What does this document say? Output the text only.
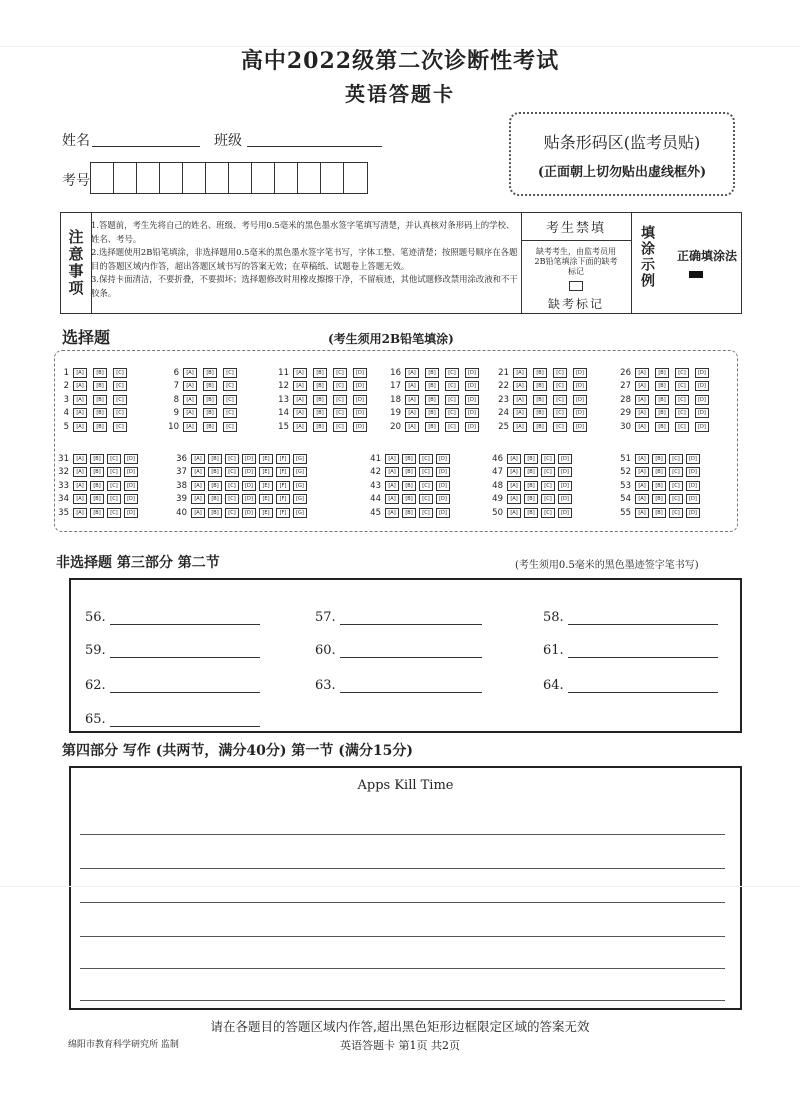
高中2022级第二次诊断性考试
英语答题卡
姓名	班级
考号
贴条形码区(监考员贴)
(正面朝上切勿贴出虚线框外)
注意事项

1.答题前，考生先将自己的姓名、班级、考号用0.5毫米的黑色墨水签字笔填写清楚，并认真核对条形码上的学校、姓名、考号。

2.选择题使用2B铅笔填涂，非选择题用0.5毫米的黑色墨水签字笔书写，字体工整、笔迹清楚；按照题号顺序在各题目的答题区域内作答，超出答题区域书写的答案无效；在草稿纸、试题卷上答题无效。

3.保持卡面清洁，不要折叠，不要损坏；选择题修改时用橡皮擦擦干净，不留痕迹，其他试题修改禁用涂改液和不干胶条。

考生禁填
缺考考生，由监考员用2B铅笔填涂下面的缺考标记
缺考标记
填涂示例 正确填涂法
选择题	(考生须用2B铅笔填涂)
1	[A]	[B]	[C]
2	[A]	[B]	[C]
3	[A]	[B]	[C]
4	[A]	[B]	[C]
5	[A]	[B]	[C]
6	[A]	[B]	[C]
7	[A]	[B]	[C]
8	[A]	[B]	[C]
9	[A]	[B]	[C]
10	[A]	[B]	[C]
11	[A]	[B]	[C]	[D]
12	[A]	[B]	[C]	[D]
13	[A]	[B]	[C]	[D]
14	[A]	[B]	[C]	[D]
15	[A]	[B]	[C]	[D]
16	[A]	[B]	[C]	[D]
17	[A]	[B]	[C]	[D]
18	[A]	[B]	[C]	[D]
19	[A]	[B]	[C]	[D]
20	[A]	[B]	[C]	[D]
21	[A]	[B]	[C]	[D]
22	[A]	[B]	[C]	[D]
23	[A]	[B]	[C]	[D]
24	[A]	[B]	[C]	[D]
25	[A]	[B]	[C]	[D]
26	[A]	[B]	[C]	[D]
27	[A]	[B]	[C]	[D]
28	[A]	[B]	[C]	[D]
29	[A]	[B]	[C]	[D]
30	[A]	[B]	[C]	[D]
31	[A]	[B]	[C]	[D]
32	[A]	[B]	[C]	[D]
33	[A]	[B]	[C]	[D]
34	[A]	[B]	[C]	[D]
35	[A]	[B]	[C]	[D]
36	[A]	[B]	[C]	[D]	[E]	[F]	[G]
37	[A]	[B]	[C]	[D]	[E]	[F]	[G]
38	[A]	[B]	[C]	[D]	[E]	[F]	[G]
39	[A]	[B]	[C]	[D]	[E]	[F]	[G]
40	[A]	[B]	[C]	[D]	[E]	[F]	[G]
41	[A]	[B]	[C]	[D]
42	[A]	[B]	[C]	[D]
43	[A]	[B]	[C]	[D]
44	[A]	[B]	[C]	[D]
45	[A]	[B]	[C]	[D]
46	[A]	[B]	[C]	[D]
47	[A]	[B]	[C]	[D]
48	[A]	[B]	[C]	[D]
49	[A]	[B]	[C]	[D]
50	[A]	[B]	[C]	[D]
51	[A]	[B]	[C]	[D]
52	[A]	[B]	[C]	[D]
53	[A]	[B]	[C]	[D]
54	[A]	[B]	[C]	[D]
55	[A]	[B]	[C]	[D]
非选择题 第三部分 第二节	(考生须用0.5毫米的黑色墨迹签字笔书写)
56.	57.	58.
59.	60.	61.
62.	63.	64.
65.
第四部分 写作 (共两节，满分40分) 第一节 (满分15分)
Apps Kill Time
请在各题目的答题区域内作答,超出黑色矩形边框限定区域的答案无效
绵阳市教育科学研究所 监制	英语答题卡 第1页 共2页
